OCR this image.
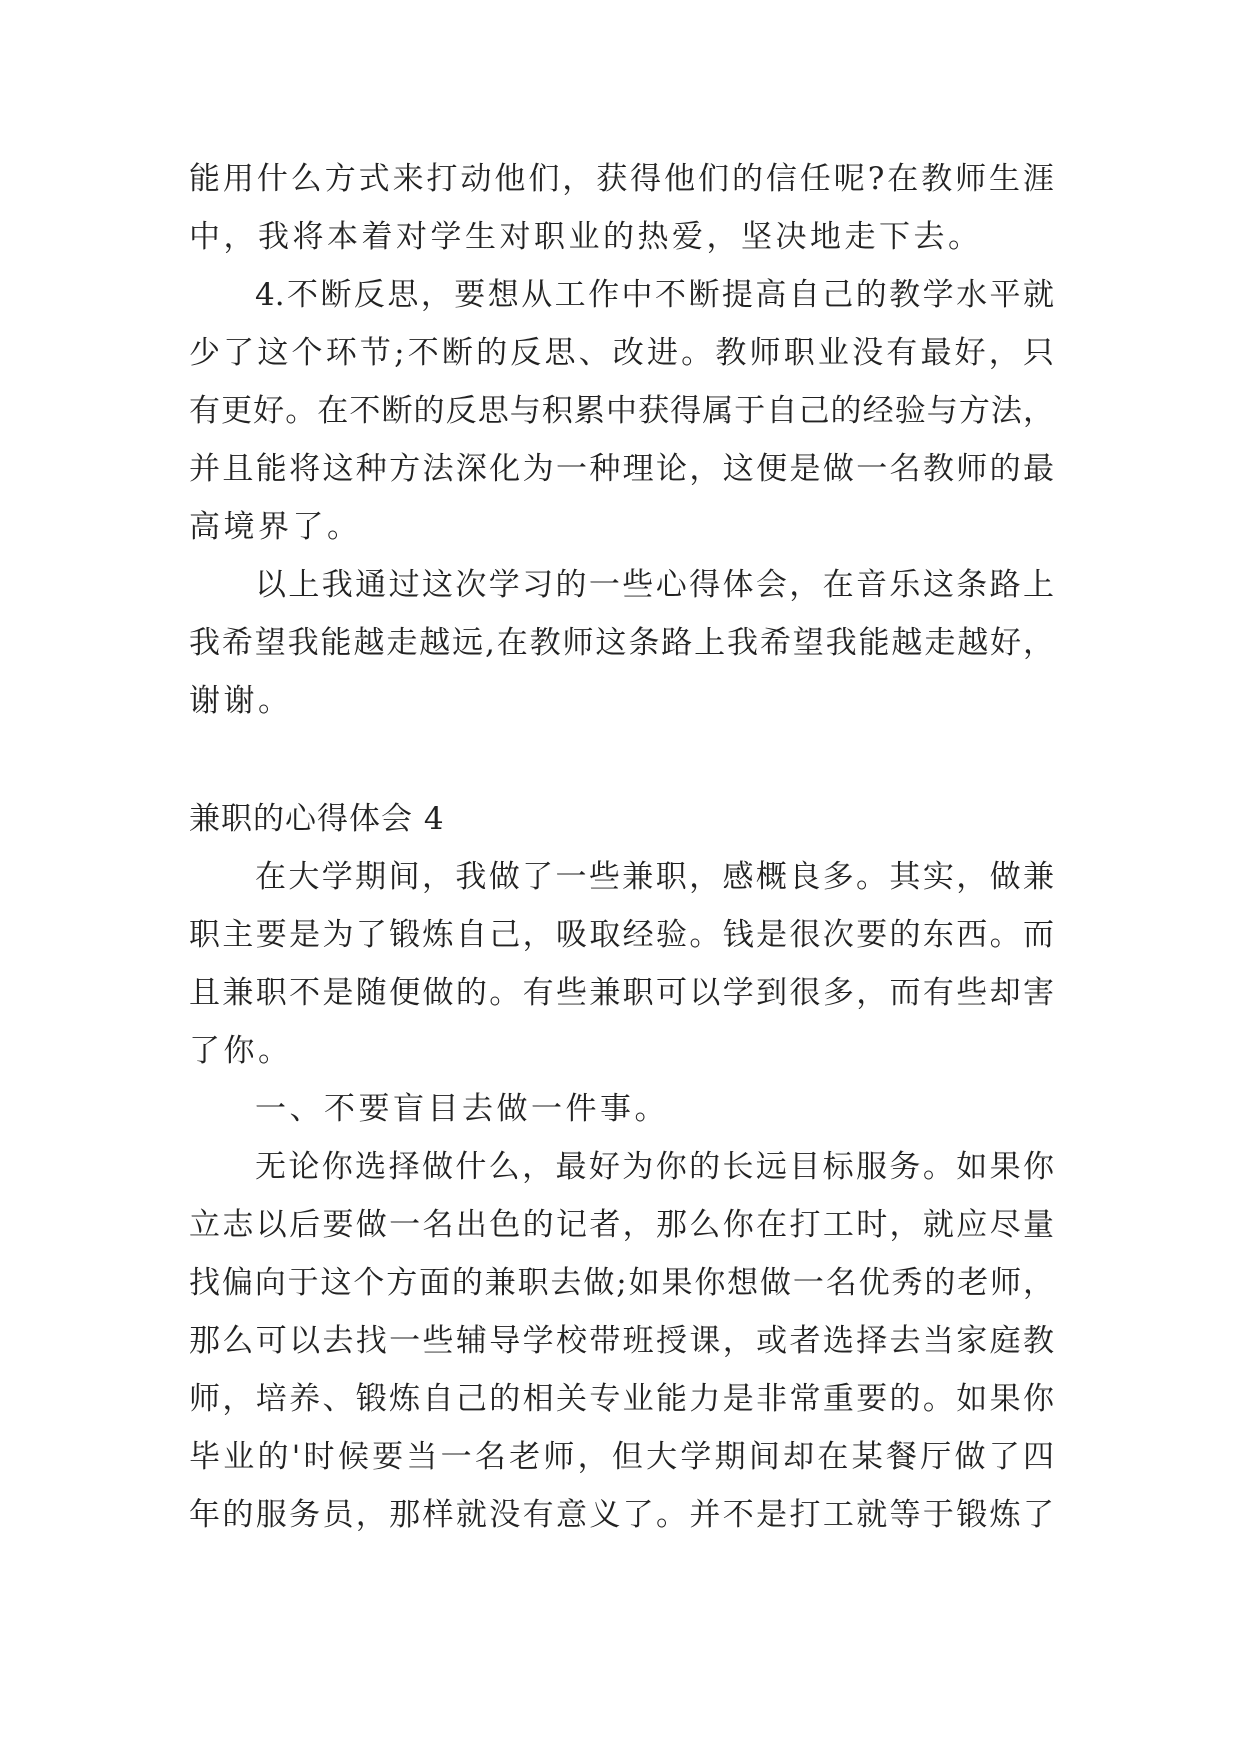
能用什么方式来打动他们，获得他们的信任呢?在教师生涯
中，我将本着对学生对职业的热爱，坚决地走下去。
4.不断反思，要想从工作中不断提高自己的教学水平就
少了这个环节;不断的反思、改进。教师职业没有最好，只
有更好。在不断的反思与积累中获得属于自己的经验与方法，
并且能将这种方法深化为一种理论，这便是做一名教师的最
高境界了。
以上我通过这次学习的一些心得体会，在音乐这条路上
我希望我能越走越远,在教师这条路上我希望我能越走越好，
谢谢。
兼职的心得体会 4
在大学期间，我做了一些兼职，感概良多。其实，做兼
职主要是为了锻炼自己，吸取经验。钱是很次要的东西。而
且兼职不是随便做的。有些兼职可以学到很多，而有些却害
了你。
一、不要盲目去做一件事。
无论你选择做什么，最好为你的长远目标服务。如果你
立志以后要做一名出色的记者，那么你在打工时，就应尽量
找偏向于这个方面的兼职去做;如果你想做一名优秀的老师，
那么可以去找一些辅导学校带班授课，或者选择去当家庭教
师，培养、锻炼自己的相关专业能力是非常重要的。如果你
毕业的'时候要当一名老师，但大学期间却在某餐厅做了四
年的服务员，那样就没有意义了。并不是打工就等于锻炼了
